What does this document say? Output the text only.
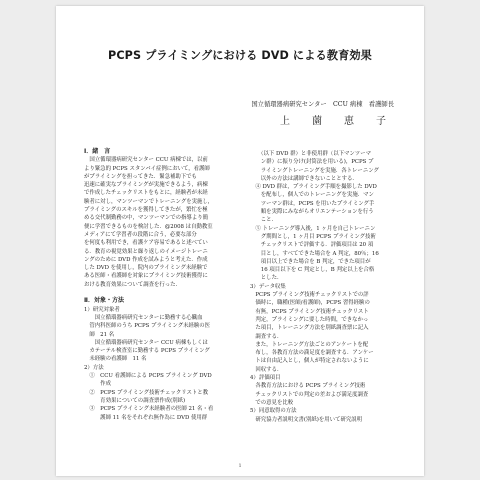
PCPS プライミングにおける DVD による教育効果
国立循環器病研究センター　CCU 病棟　看護師長
上　薗　恵　子
Ⅰ．緒　言

　国立循環器病研究センター CCU 病棟では，以前

より緊急的 PCPS スタンバイ症例において，看護師

がプライミングを担ってきた．緊急補助下でも

迅速に確実なプライミングが実施できるよう，病棟

で作成したチェックリストをもとに，経験者が未経

験者に対し，マンツーマンでトレーニングを実施し，

プライミングのスキルを獲得してきたが，繁忙を極

める交代制勤務の中，マンツーマンでの指導より簡

便に学習できるものを検討した．@2008 は自動教室

メディアにて学習者の段階に合う，必要な部分

を何度も利用でき，看護ケア容易であると述べてい

る．教育の視覚効果と繰り返しのイメージトレーニ

ングのために DVD 作成を試みようと考えた．作成

した DVD を使用し，院内のプライミング未経験で

ある医師・看護師を対象にプライミング技術獲得に

おける教育効果について調査を行った．

Ⅱ．対象・方法

1）研究対象者

　　国立循環器病研究センターに勤務する心臓血

　管内科医師のうち PCPS プライミング未経験の医

　師　21 名

　　国立循環器病研究センター CCU 病棟もしくは

　カテーテル検査室に勤務する PCPS プライミング

　未経験の看護師　11 名

2）方法

　①　CCU 看護師による PCPS プライミング DVD

　　　作成

　②　PCPS プライミング技術チェックリストと教

　　　育効果についての調査票作成(別紙)

　③　PCPS プライミング未経験者の医師 21 名・看

　　　護師 11 名をそれぞれ無作為に DVD 使用群

　　（以下 DVD 群）と非使用群（以下マンツーマ

　　ン群）に振り分け(封筒法を用いる)，PCPS プ

　　ライミングトレーニングを実施．各トレーニング

　　以外の方法は講師できないこととする．

　④ DVD 群は，プライミング手順を撮影した DVD

　　を配布し，個人でのトレーニングを実施．マン

　　ツーマン群は，PCPS を用いたプライミング手

　　順を実際にみながらオリエンテーションを行う

　　こと．

　⑤ トレーニング導入後，1 ヶ月を自己トレーニン

　　グ期間とし，1 ヶ月目 PCPS プライミング技術

　　チェックリストで評価する．評価項目は 20 項

　　目とし，すべてできた場合を A 判定，80％；16

　　項目以上できた場合を B 判定，できた項目が

　　16 項目以下を C 判定とし，B 判定以上を合格

　　とした．

3）データ収集

　PCPS プライミング技術チェックリストでの評

　価時に，職種(医師/看護師)，PCPS 習得経験の

　有無，PCPS プライミング技術チェックリスト

　判定，プライミングに要した時間，できなかっ

　た項目，トレーニング方法を別紙調査票に記入

　調査する．

　また，トレーニング方法ごとのアンケートを配

　布し，各教育方法の満足度を調査する．アンケー

　トは自由記入とし，個人が特定されないように

　回収する．

4）評価項目

　各教育方法における PCPS プライミング技術

　チェックリストでの判定の差および満足度調査

　での意見を比較

5）同意取得の方法

　研究協力者説明文書(別紙)を用いて研究説明

1
